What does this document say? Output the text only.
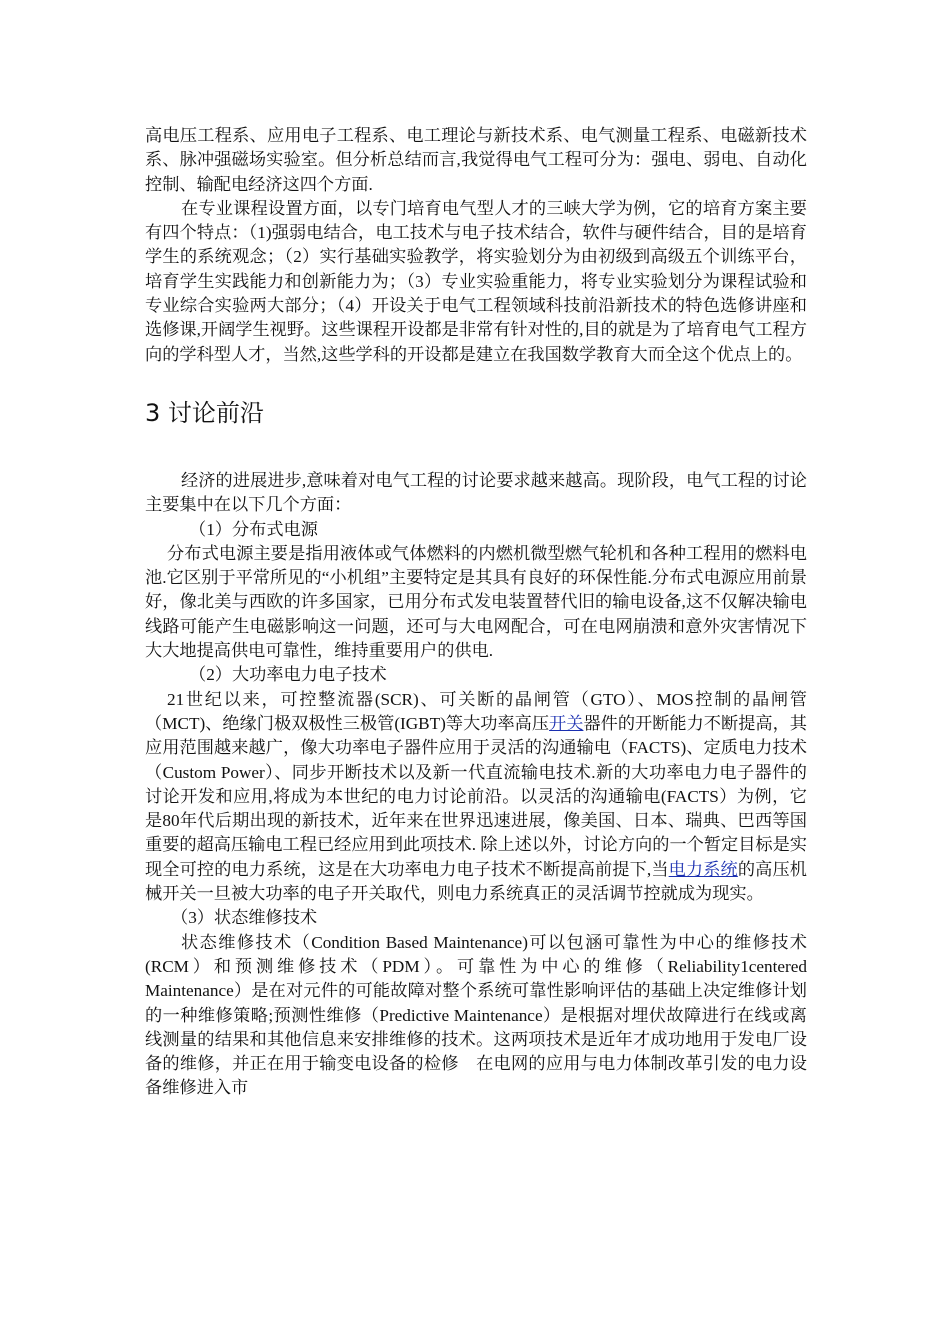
高电压工程系、应用电子工程系、电工理论与新技术系、电气测量工程系、电磁新技术系、脉冲强磁场实验室。但分析总结而言,我觉得电气工程可分为：强电、弱电、自动化控制、输配电经济这四个方面.

在专业课程设置方面，以专门培育电气型人才的三峡大学为例，它的培育方案主要有四个特点：（1)强弱电结合，电工技术与电子技术结合，软件与硬件结合，目的是培育学生的系统观念；（2）实行基础实验教学，将实验划分为由初级到高级五个训练平台，培育学生实践能力和创新能力为；（3）专业实验重能力，将专业实验划分为课程试验和专业综合实验两大部分；（4）开设关于电气工程领域科技前沿新技术的特色选修讲座和选修课,开阔学生视野。这些课程开设都是非常有针对性的,目的就是为了培育电气工程方向的学科型人才，当然,这些学科的开设都是建立在我国数学教育大而全这个优点上的。

3 讨论前沿

经济的进展进步,意味着对电气工程的讨论要求越来越高。现阶段，电气工程的讨论主要集中在以下几个方面：

（1）分布式电源

分布式电源主要是指用液体或气体燃料的内燃机微型燃气轮机和各种工程用的燃料电池.它区别于平常所见的“小机组”主要特定是其具有良好的环保性能.分布式电源应用前景好，像北美与西欧的许多国家，已用分布式发电装置替代旧的输电设备,这不仅解决输电线路可能产生电磁影响这一问题，还可与大电网配合，可在电网崩溃和意外灾害情况下大大地提高供电可靠性，维持重要用户的供电.

（2）大功率电力电子技术

21世纪以来，可控整流器(SCR)、可关断的晶闸管（GTO）、MOS控制的晶闸管（MCT)、绝缘门极双极性三极管(IGBT)等大功率高压开关器件的开断能力不断提高，其应用范围越来越广，像大功率电子器件应用于灵活的沟通输电（FACTS)、定质电力技术（Custom Power）、同步开断技术以及新一代直流输电技术.新的大功率电力电子器件的讨论开发和应用,将成为本世纪的电力讨论前沿。以灵活的沟通输电(FACTS）为例，它是80年代后期出现的新技术，近年来在世界迅速进展，像美国、日本、瑞典、巴西等国重要的超高压输电工程已经应用到此项技术. 除上述以外，讨论方向的一个暂定目标是实现全可控的电力系统，这是在大功率电力电子技术不断提高前提下,当电力系统的高压机械开关一旦被大功率的电子开关取代，则电力系统真正的灵活调节控就成为现实。

（3）状态维修技术

状态维修技术（Condition Based Maintenance)可以包涵可靠性为中心的维修技术(RCM）和预测维修技术（PDM）。可靠性为中心的维修（Reliability1centered Maintenance）是在对元件的可能故障对整个系统可靠性影响评估的基础上决定维修计划的一种维修策略;预测性维修（Predictive Maintenance）是根据对埋伏故障进行在线或离线测量的结果和其他信息来安排维修的技术。这两项技术是近年才成功地用于发电厂设备的维修，并正在用于输变电设备的检修　在电网的应用与电力体制改革引发的电力设备维修进入市
